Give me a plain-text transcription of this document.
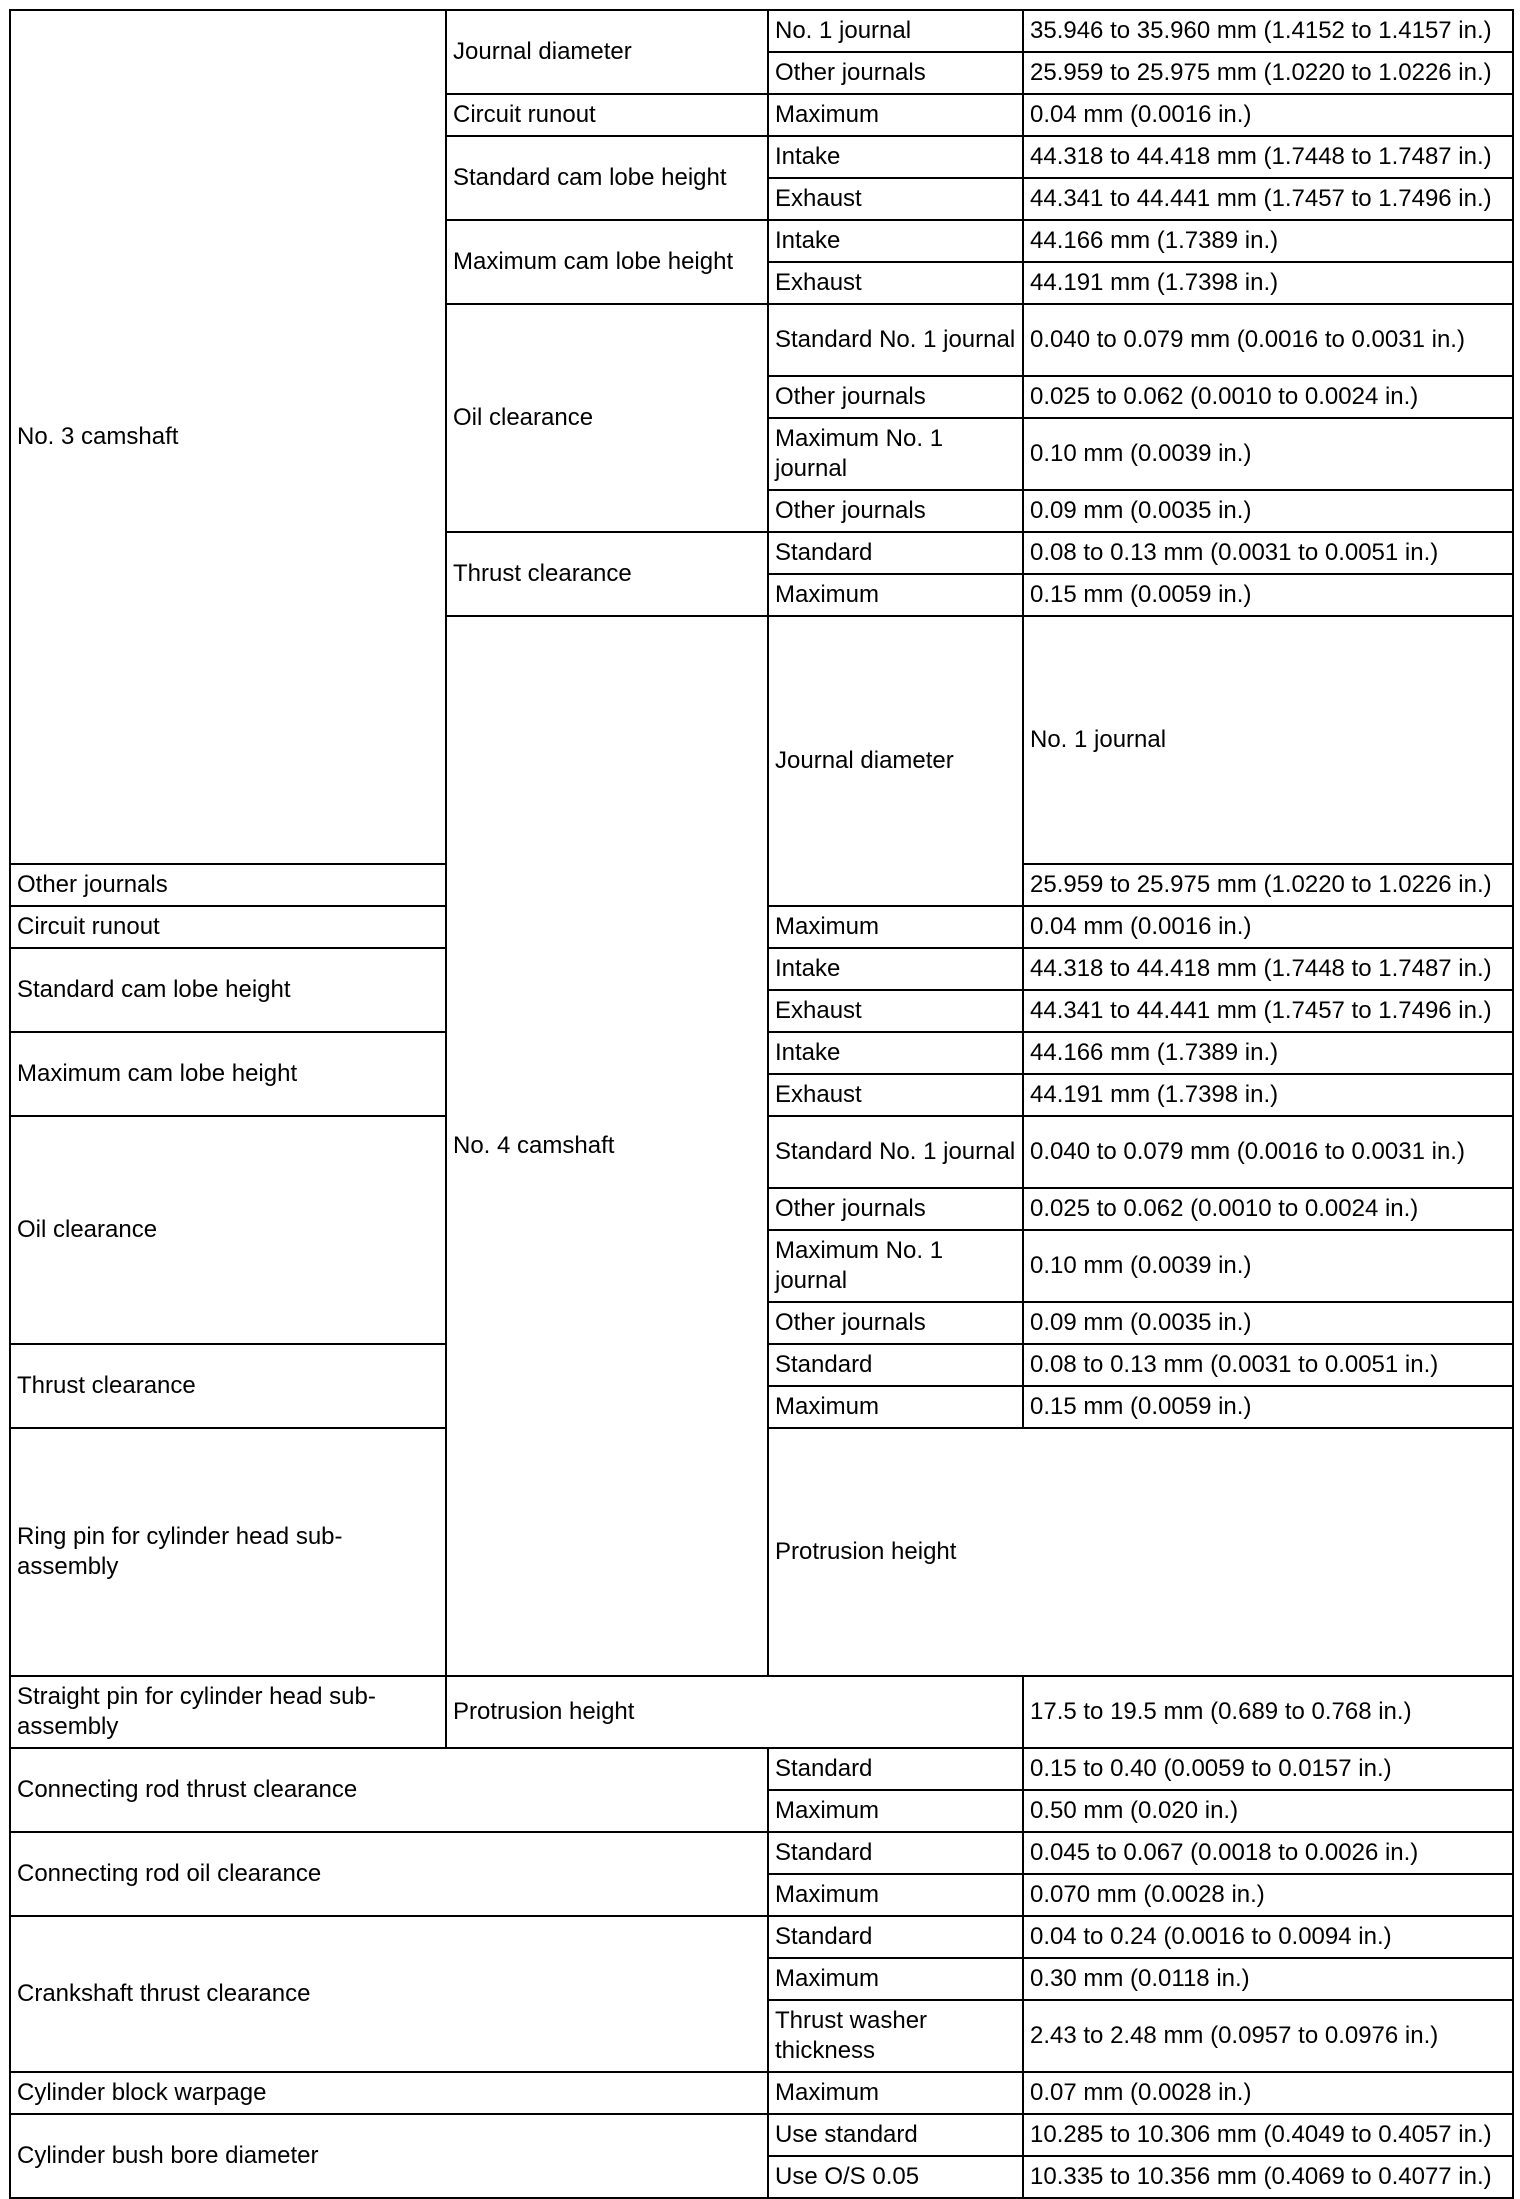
No. 3 camshaft	Journal diameter	No. 1 journal	35.946 to 35.960 mm (1.4152 to 1.4157 in.)	
		Other journals	25.959 to 25.975 mm (1.0220 to 1.0226 in.)	
	Circuit runout	Maximum	0.04 mm (0.0016 in.)	
	Standard cam lobe height	Intake	44.318 to 44.418 mm (1.7448 to 1.7487 in.)	
		Exhaust	44.341 to 44.441 mm (1.7457 to 1.7496 in.)	
	Maximum cam lobe height	Intake	44.166 mm (1.7389 in.)	
		Exhaust	44.191 mm (1.7398 in.)	
	Oil clearance	Standard No. 1 journal	0.040 to 0.079 mm (0.0016 to 0.0031 in.)	
		Other journals	0.025 to 0.062 (0.0010 to 0.0024 in.)	
		Maximum No. 1 journal	0.10 mm (0.0039 in.)	
		Other journals	0.09 mm (0.0035 in.)	
	Thrust clearance	Standard	0.08 to 0.13 mm (0.0031 to 0.0051 in.)	
		Maximum	0.15 mm (0.0059 in.)	
	No. 4 camshaft	Journal diameter	No. 1 journal	
Other journals			25.959 to 25.975 mm (1.0220 to 1.0226 in.)	
Circuit runout		Maximum	0.04 mm (0.0016 in.)	
Standard cam lobe height		Intake	44.318 to 44.418 mm (1.7448 to 1.7487 in.)	
		Exhaust	44.341 to 44.441 mm (1.7457 to 1.7496 in.)	
Maximum cam lobe height		Intake	44.166 mm (1.7389 in.)	
		Exhaust	44.191 mm (1.7398 in.)	
Oil clearance		Standard No. 1 journal	0.040 to 0.079 mm (0.0016 to 0.0031 in.)	
		Other journals	0.025 to 0.062 (0.0010 to 0.0024 in.)	
		Maximum No. 1 journal	0.10 mm (0.0039 in.)	
		Other journals	0.09 mm (0.0035 in.)	
Thrust clearance		Standard	0.08 to 0.13 mm (0.0031 to 0.0051 in.)	
		Maximum	0.15 mm (0.0059 in.)	
Ring pin for cylinder head sub-assembly		Protrusion height	
Straight pin for cylinder head sub-assembly	Protrusion height		17.5 to 19.5 mm (0.689 to 0.768 in.)	
Connecting rod thrust clearance		Standard	0.15 to 0.40 (0.0059 to 0.0157 in.)	
		Maximum	0.50 mm (0.020 in.)	
Connecting rod oil clearance		Standard	0.045 to 0.067 (0.0018 to 0.0026 in.)	
		Maximum	0.070 mm (0.0028 in.)	
Crankshaft thrust clearance		Standard	0.04 to 0.24 (0.0016 to 0.0094 in.)	
		Maximum	0.30 mm (0.0118 in.)	
		Thrust washer thickness	2.43 to 2.48 mm (0.0957 to 0.0976 in.)	
Cylinder block warpage		Maximum	0.07 mm (0.0028 in.)	
Cylinder bush bore diameter		Use standard	10.285 to 10.306 mm (0.4049 to 0.4057 in.)	
		Use O/S 0.05	10.335 to 10.356 mm (0.4069 to 0.4077 in.)	
